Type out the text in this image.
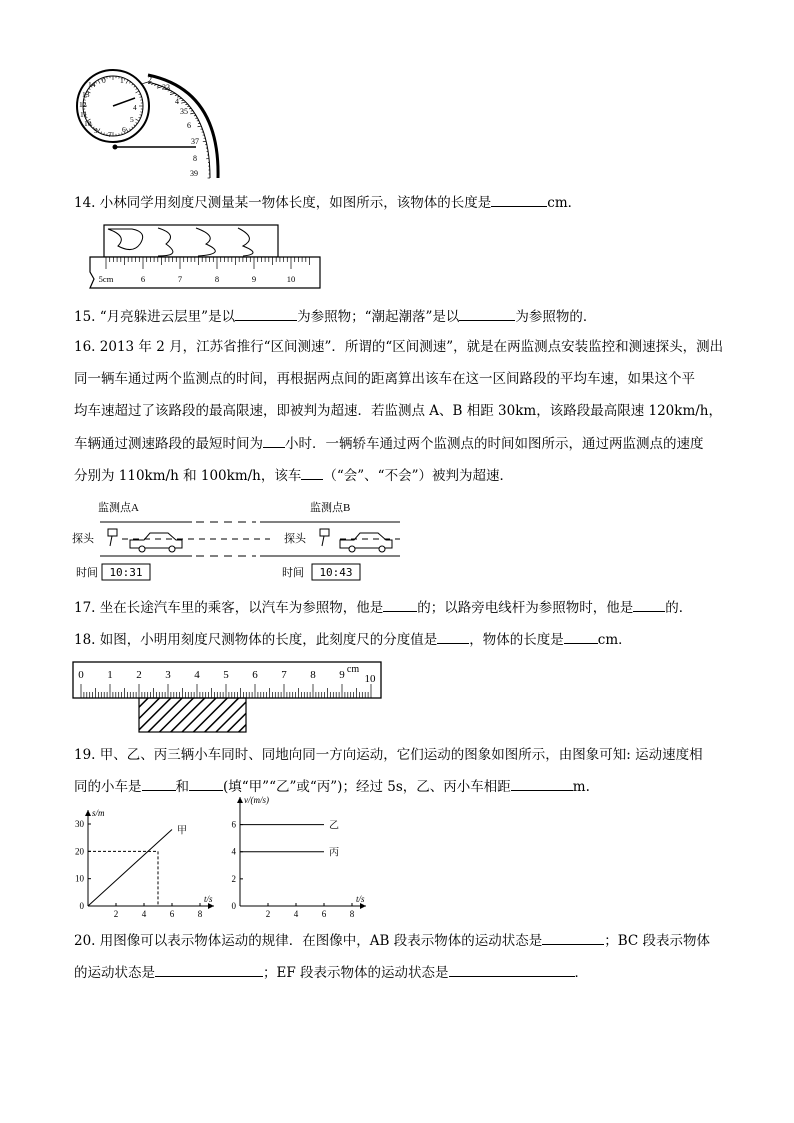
14 0 1
13
12
11
10
9 7
6
5
4
2
33
4
35
6
37
8
39
14. 小林同学用刻度尺测量某一物体长度，如图所示，该物体的长度是	cm．
5cm	6	7	8	9	10
15. “月亮躲进云层里”是以	为参照物；“潮起潮落”是以	为参照物的．
16. 2013 年 2 月，江苏省推行“区间测速”．所谓的“区间测速”，就是在两监测点安装监控和测速探头，测出
同一辆车通过两个监测点的时间，再根据两点间的距离算出该车在这一区间路段的平均车速，如果这个平
均车速超过了该路段的最高限速，即被判为超速．若监测点 A、B 相距 30km，该路段最高限速 120km/h，
车辆通过测速路段的最短时间为 小时．一辆轿车通过两个监测点的时间如图所示，通过两监测点的速度
分别为 110km/h 和 100km/h，该车 （“会”、“不会”）被判为超速．
监测点A	监测点B
探头	探头
时间	时间
10:31	10:43
17. 坐在长途汽车里的乘客，以汽车为参照物，他是	的；以路旁电线杆为参照物时，他是 的．
18. 如图，小明用刻度尺测物体的长度，此刻度尺的分度值是 ，物体的长度是	cm．
0 1 2 3 4 5 6 7 8 9 10
cm
19. 甲、乙、丙三辆小车同时、同地向同一方向运动，它们运动的图象如图所示，由图象可知: 运动速度相
同的小车是	和	(填“甲”“乙”或“丙”)；经过 5s，乙、丙小车相距	m.
2	4	6	8
0
10
20
30
s/m
t/s
甲
2	4	6	8
0
2
4
6
v/(m/s)
t/s
乙
丙
20. 用图像可以表示物体运动的规律．在图像中，AB 段表示物体的运动状态是	；BC 段表示物体
的运动状态是	；EF 段表示物体的运动状态是	．
